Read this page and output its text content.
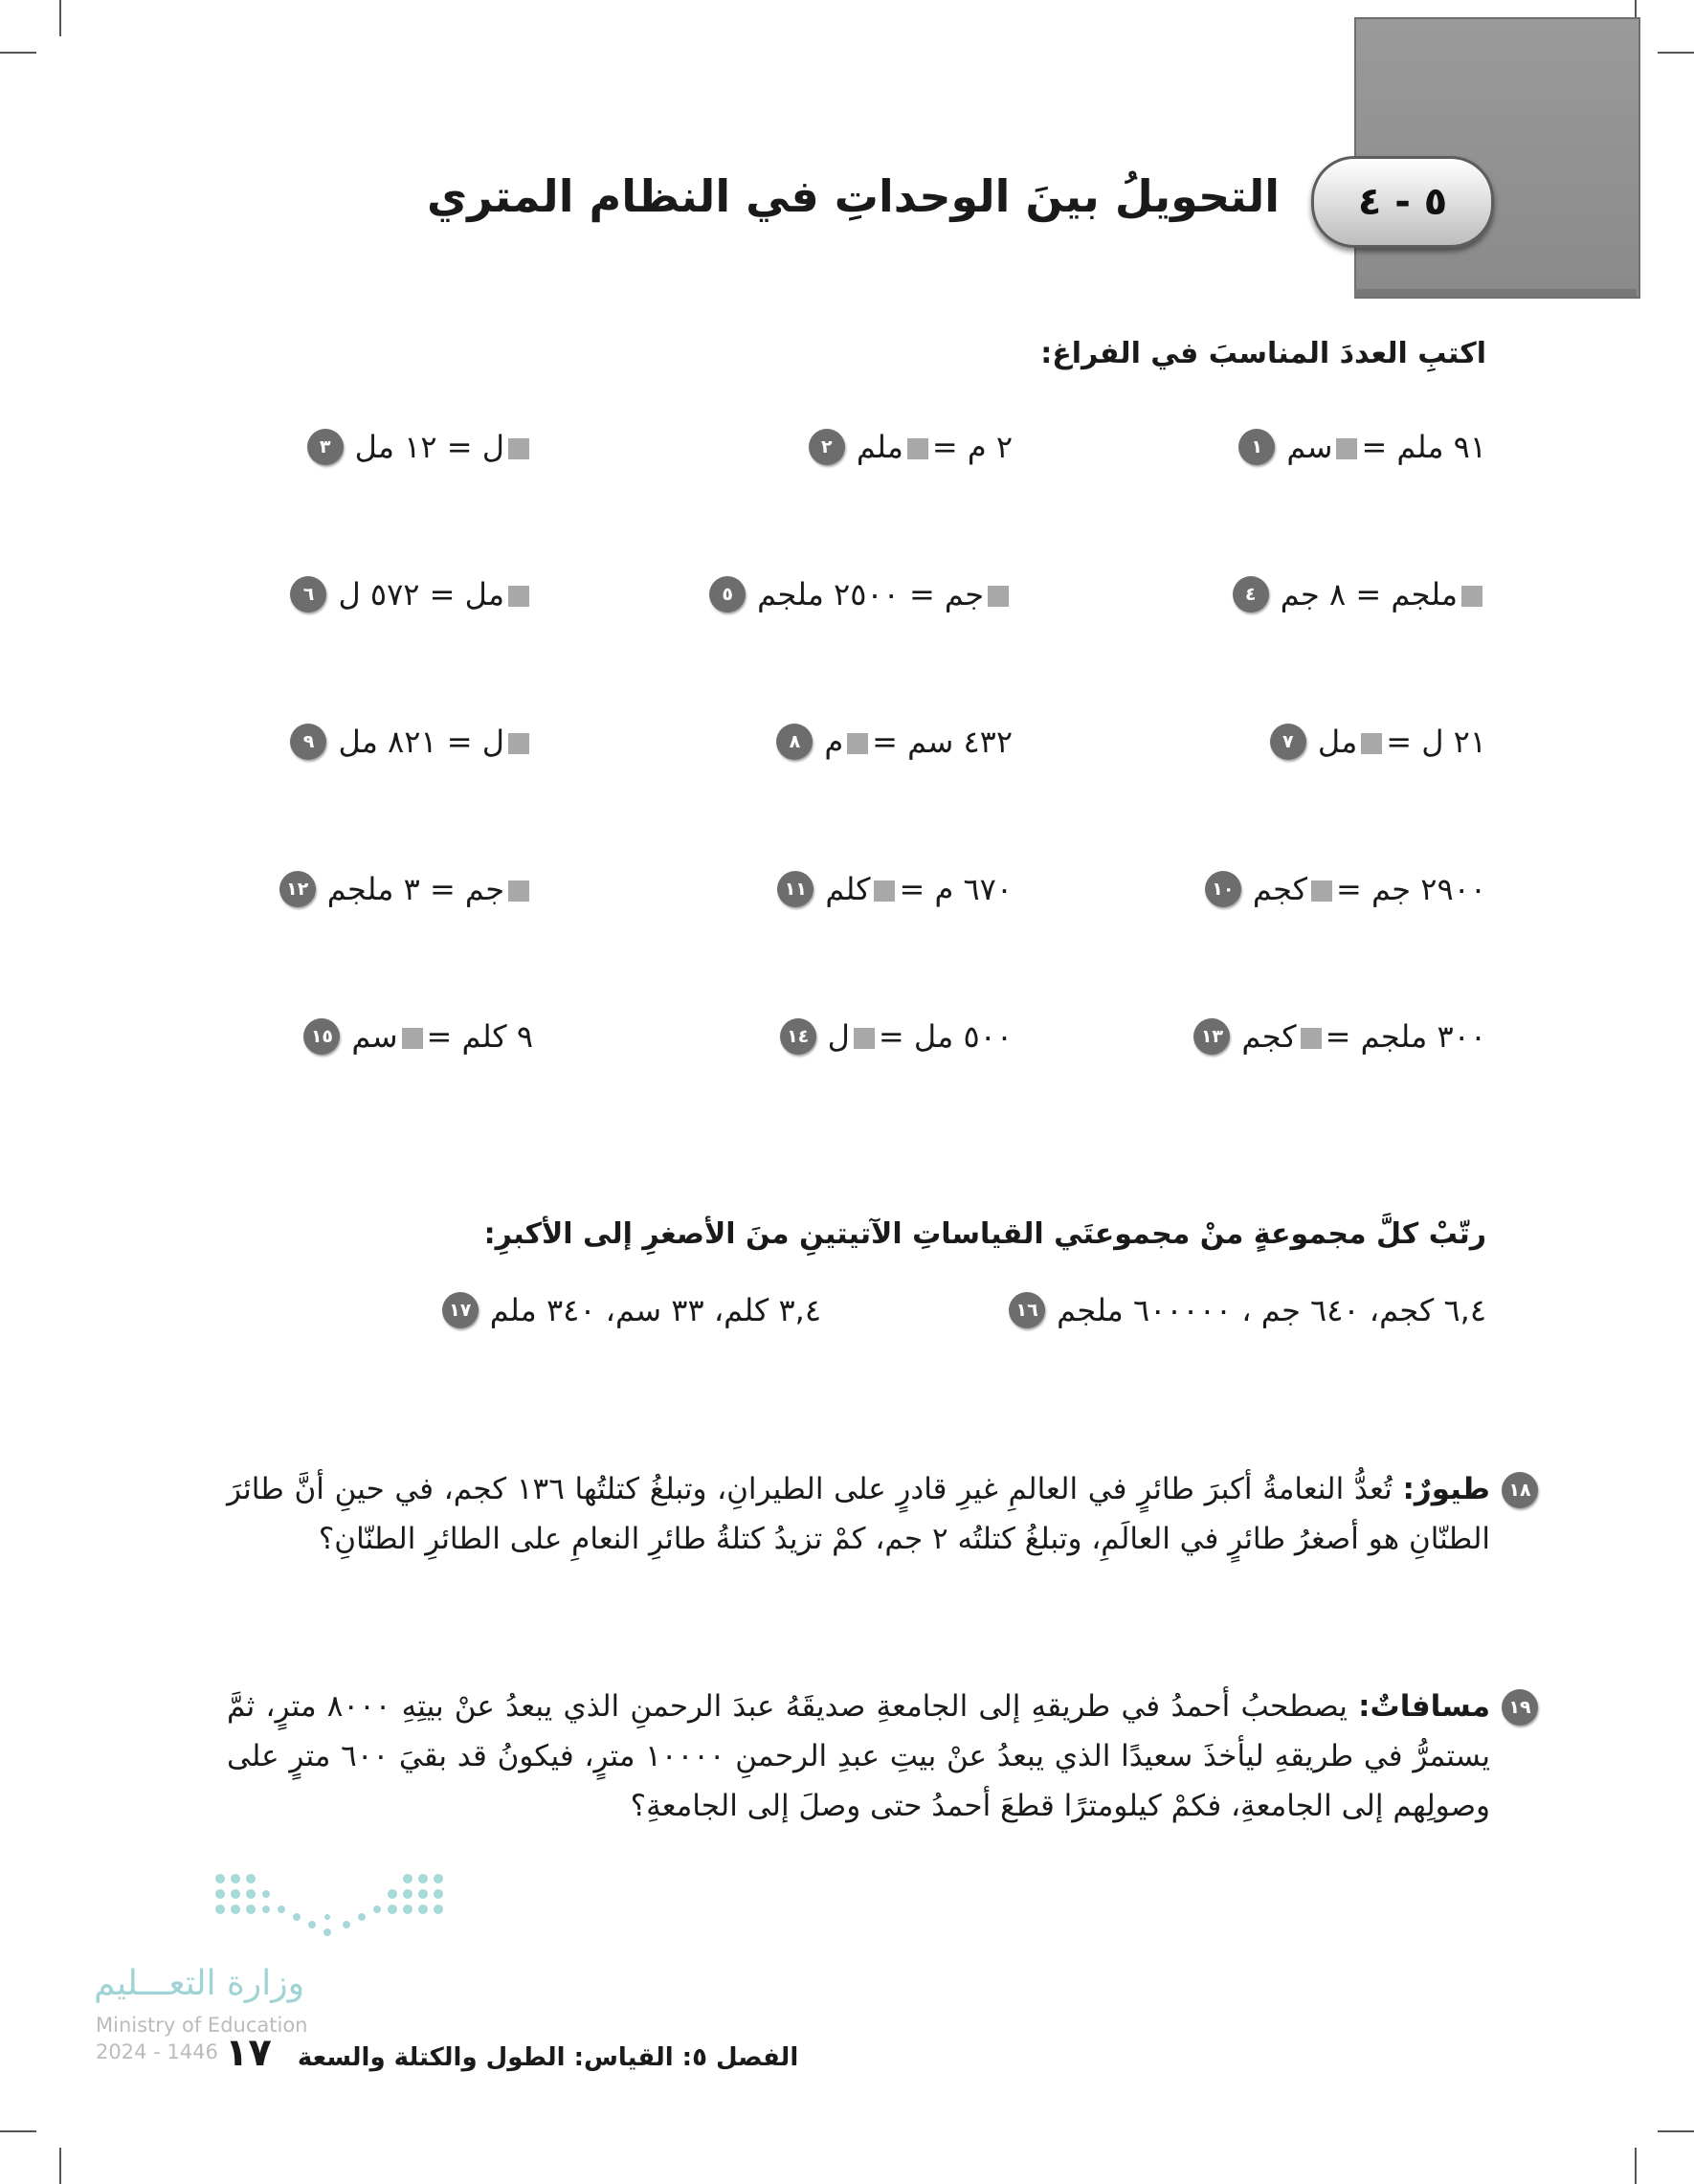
٥ - ٤
التحويلُ بينَ الوحداتِ في النظام المتري
اكتبِ العددَ المناسبَ في الفراغ:
١	٩١ ملم =سم
٢	٢ م =ملم
٣ ل = ١٢ مل
٤ ملجم = ٨ جم
٥ جم = ٢٥٠٠ ملجم
٦ مل = ٥٧٢ ل
٧	٢١ ل =مل
٨	٤٣٢ سم =م
٩ ل = ٨٢١ مل
١٠	٢٩٠٠ جم =كجم
١١	٦٧٠ م =كلم
١٢ جم = ٣ ملجم
١٣	٣٠٠ ملجم =كجم
١٤	٥٠٠ مل =ل
١٥	٩ كلم =سم
رتّبْ كلَّ مجموعةٍ منْ مجموعتَي القياساتِ الآتيتينِ منَ الأصغرِ إلى الأكبرِ:
١٦ ٦,٤ كجم، ٦٤٠ جم ، ٦٠٠٠٠٠ ملجم
١٧ ٣,٤ كلم، ٣٣ سم، ٣٤٠ ملم
١٨
طيورٌ: تُعدُّ النعامةُ أكبرَ طائرٍ في العالمِ غيرِ قادرٍ على الطيرانِ، وتبلغُ كتلتُها ١٣٦ كجم، في حينِ أنَّ طائرَ الطنّانِ هو أصغرُ طائرٍ في العالَمِ، وتبلغُ كتلتُه ٢ جم، كمْ تزيدُ كتلةُ طائرِ النعامِ على الطائرِ الطنّانِ؟
١٩
مسافاتٌ: يصطحبُ أحمدُ في طريقهِ إلى الجامعةِ صديقَهُ عبدَ الرحمنِ الذي يبعدُ عنْ بيتِهِ ٨٠٠٠ مترٍ، ثمَّ يستمرُّ في طريقهِ ليأخذَ سعيدًا الذي يبعدُ عنْ بيتِ عبدِ الرحمنِ ١٠٠٠٠ مترٍ، فيكونُ قد بقيَ ٦٠٠ مترٍ على وصولِهم إلى الجامعةِ، فكمْ كيلومترًا قطعَ أحمدُ حتى وصلَ إلى الجامعةِ؟
وزارة التعـــليم
Ministry of Education
2024 - 1446	الفصل ٥: القياس: الطول والكتلة والسعة ١٧
